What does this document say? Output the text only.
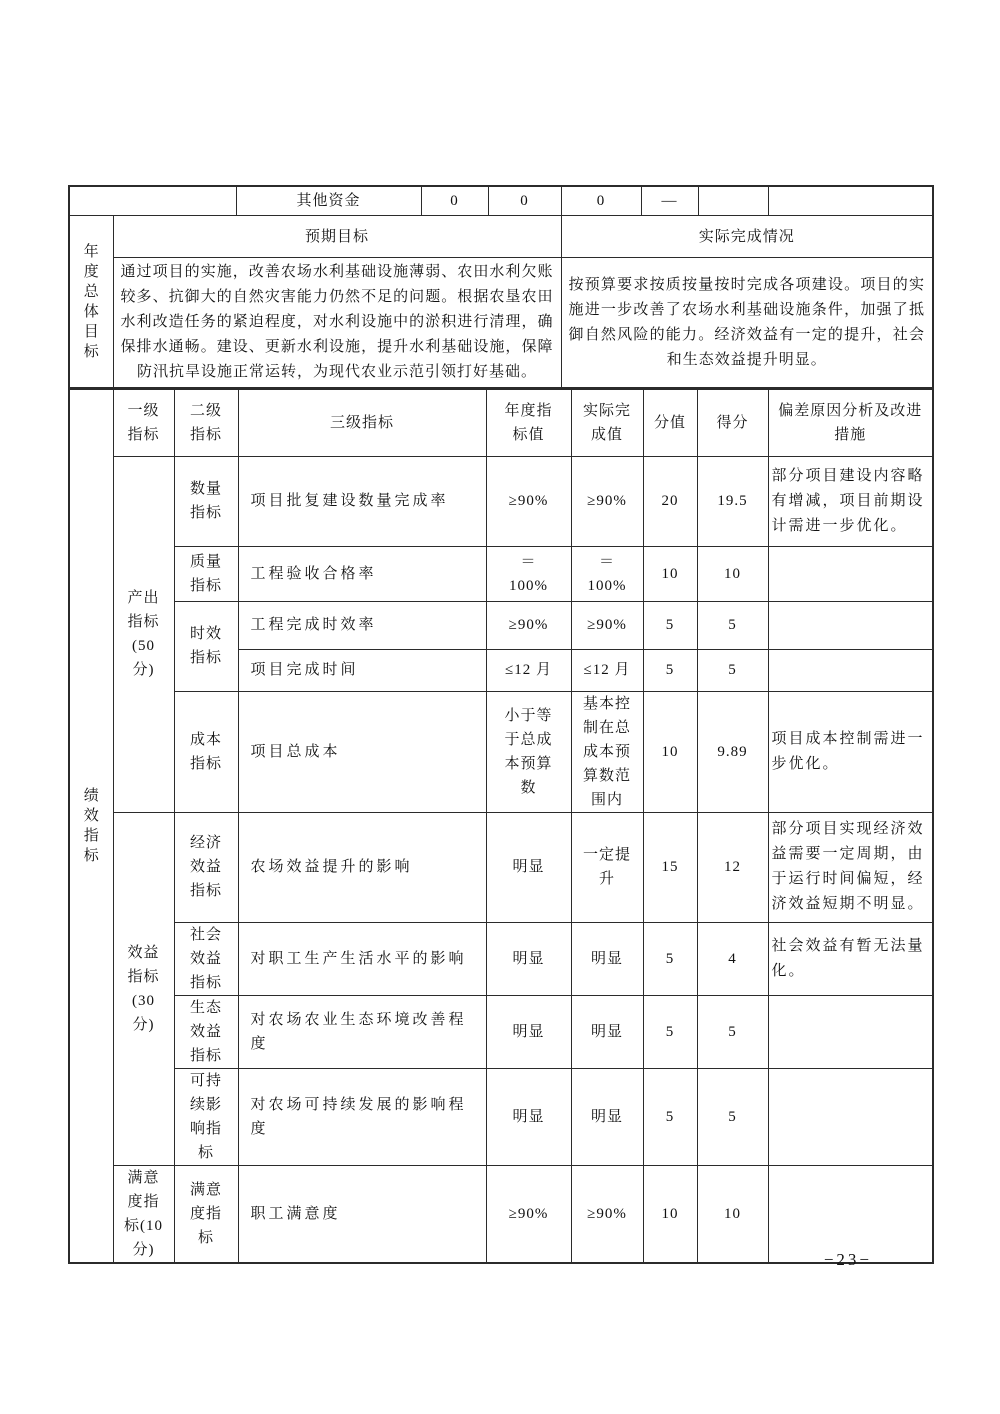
		其他资金	0	0	0	—		

年度总体目标	预期目标				实际完成情况			
	通过项目的实施，改善农场水利基础设施薄弱、农田水利欠账较多、抗御大的自然灾害能力仍然不足的问题。根据农垦农田水利改造任务的紧迫程度，对水利设施中的淤积进行清理，确保排水通畅。建设、更新水利设施，提升水利基础设施，保障防汛抗旱设施正常运转，为现代农业示范引领打好基础。				按预算要求按质按量按时完成各项建设。项目的实施进一步改善了农场水利基础设施条件，加强了抵御自然风险的能力。经济效益有一定的提升，社会和生态效益提升明显。			
绩效指标	一级指标	二级指标	三级指标	年度指标值	实际完成值	分值	得分	偏差原因分析及改进措施
	产出指标(50分)	数量指标	项目批复建设数量完成率	≥90%	≥90%	20	19.5	部分项目建设内容略有增减，项目前期设计需进一步优化。
		质量指标	工程验收合格率	＝100%	＝100%	10	10	
		时效指标	工程完成时效率	≥90%	≥90%	5	5	
			项目完成时间	≤12 月	≤12 月	5	5	
		成本指标	项目总成本	小于等于总成本预算数	基本控制在总成本预算数范围内	10	9.89	项目成本控制需进一步优化。
	效益指标(30分)	经济效益指标	农场效益提升的影响	明显	一定提升	15	12	部分项目实现经济效益需要一定周期，由于运行时间偏短，经济效益短期不明显。
		社会效益指标	对职工生产生活水平的影响	明显	明显	5	4	社会效益有暂无法量化。
		生态效益指标	对农场农业生态环境改善程度	明显	明显	5	5	
		可持续影响指标	对农场可持续发展的影响程度	明显	明显	5	5	
	满意度指标(10分)	满意度指标	职工满意度	≥90%	≥90%	10	10	
−23−
